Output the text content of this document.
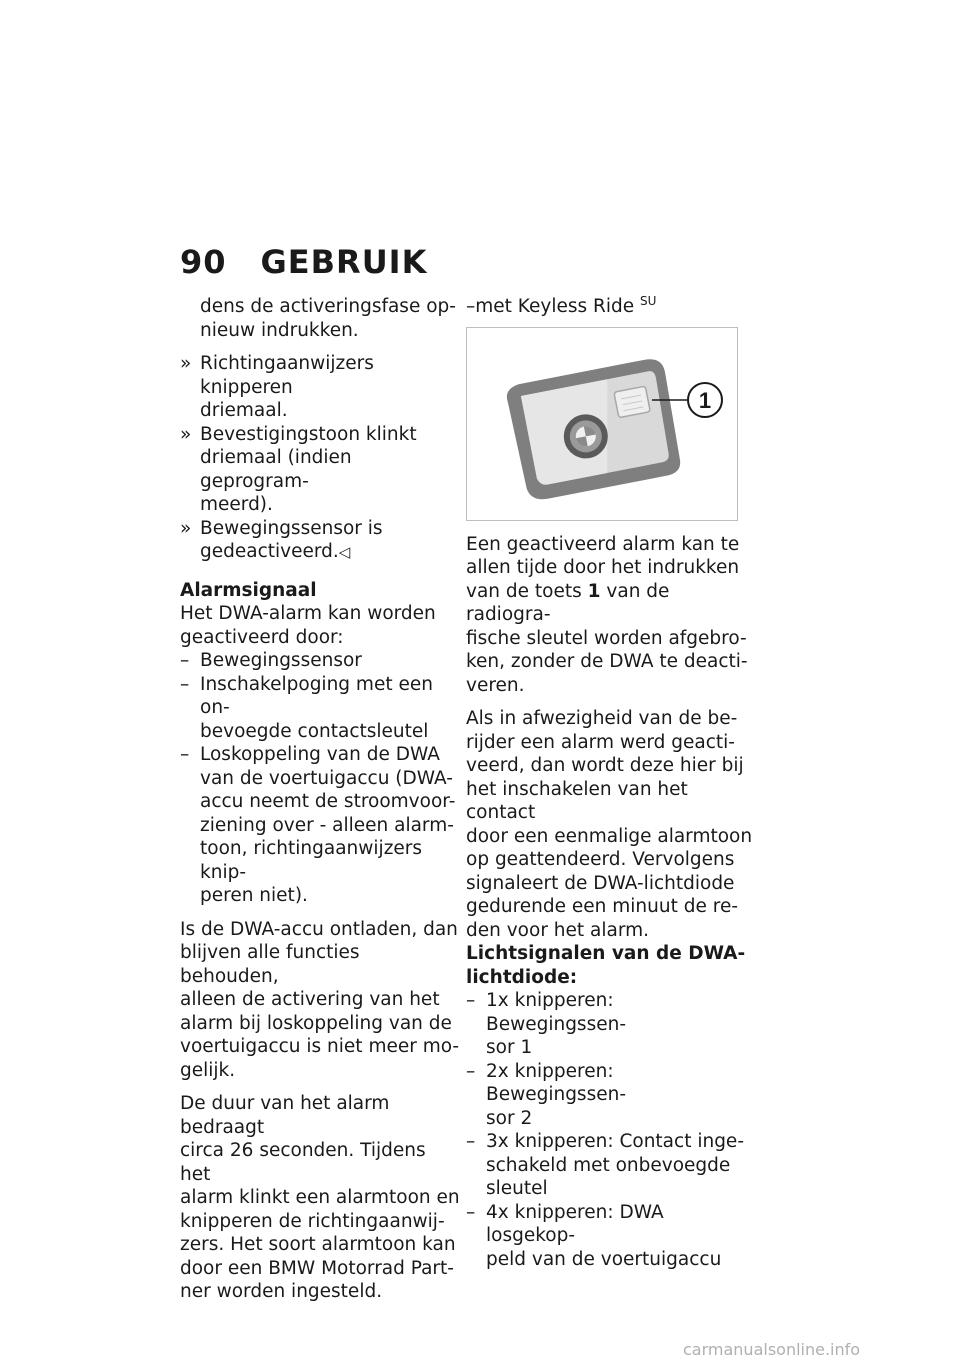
90 GEBRUIK

dens de activeringsfase op-
nieuw indrukken.

» Richtingaanwijzers knipperen
driemaal.
» Bevestigingstoon klinkt
driemaal (indien geprogram-
meerd).
» Bewegingssensor is
gedeactiveerd.◁
Alarmsignaal
Het DWA-alarm kan worden
geactiveerd door:
– Bewegingssensor
– Inschakelpoging met een on-
bevoegde contactsleutel
– Loskoppeling van de DWA
van de voertuigaccu (DWA-
accu neemt de stroomvoor-
ziening over - alleen alarm-
toon, richtingaanwijzers knip-
peren niet).

Is de DWA-accu ontladen, dan
blijven alle functies behouden,
alleen de activering van het
alarm bij loskoppeling van de
voertuigaccu is niet meer mo-
gelijk.

De duur van het alarm bedraagt
circa 26 seconden. Tijdens het
alarm klinkt een alarmtoon en
knipperen de richtingaanwij-
zers. Het soort alarmtoon kan
door een BMW Motorrad Part-
ner worden ingesteld.

–met Keyless Ride $^{SU}$
1

Een geactiveerd alarm kan te
allen tijde door het indrukken
van de toets 1 van de radiogra-
fische sleutel worden afgebro-
ken, zonder de DWA te deacti-
veren.

Als in afwezigheid van de be-
rijder een alarm werd geacti-
veerd, dan wordt deze hier bij
het inschakelen van het contact
door een eenmalige alarmtoon
op geattendeerd. Vervolgens
signaleert de DWA-lichtdiode
gedurende een minuut de re-
den voor het alarm.

Lichtsignalen van de DWA-
lichtdiode:
– 1x knipperen: Bewegingssen-
sor 1
– 2x knipperen: Bewegingssen-
sor 2
– 3x knipperen: Contact inge-
schakeld met onbevoegde
sleutel
– 4x knipperen: DWA losgekop-
peld van de voertuigaccu
carmanualsonline.info
